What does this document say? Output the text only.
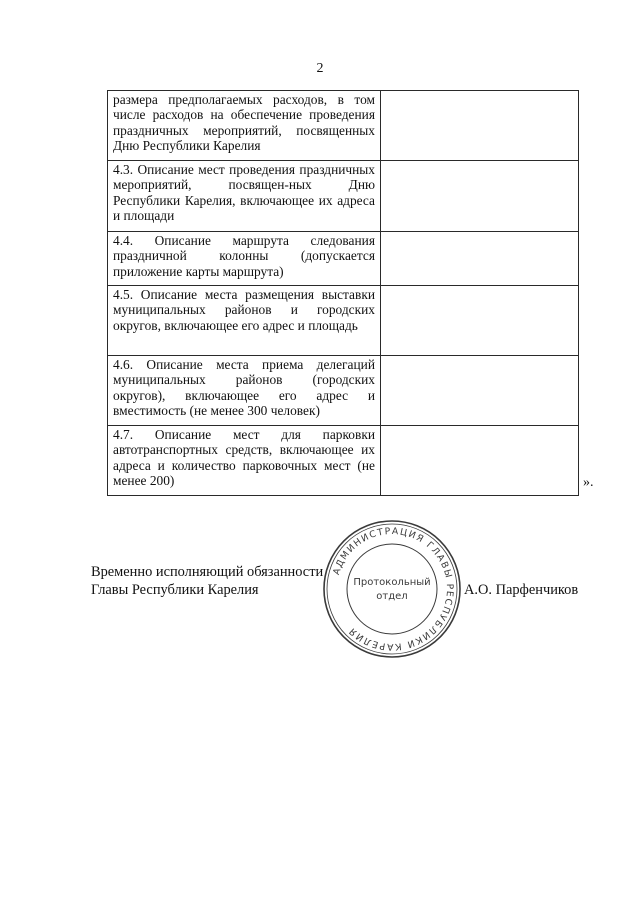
2
размера предполагаемых расходов, в том числе расходов на обеспечение проведения праздничных мероприятий, посвященных Дню Республики Карелия	
4.3. Описание мест проведения праздничных мероприятий, посвящен-ных Дню Республики Карелия, включающее их адреса и площади	
4.4. Описание маршрута следования праздничной колонны (допускается приложение карты маршрута)	
4.5. Описание места размещения выставки муниципальных районов и городских округов, включающее его адрес и площадь	
4.6. Описание места приема делегаций муниципальных районов (городских округов), включающее его адрес и вместимость (не менее 300 человек)	
4.7. Описание мест для парковки автотранспортных средств, включающее их адреса и количество парковочных мест (не менее 200)		».
Временно исполняющий обязанности
Главы Республики Карелия	А.О. Парфенчиков
АДМИНИСТРАЦИЯ ГЛАВЫ РЕСПУБЛИКИ КАРЕЛИЯ
Протокольный
отдел
